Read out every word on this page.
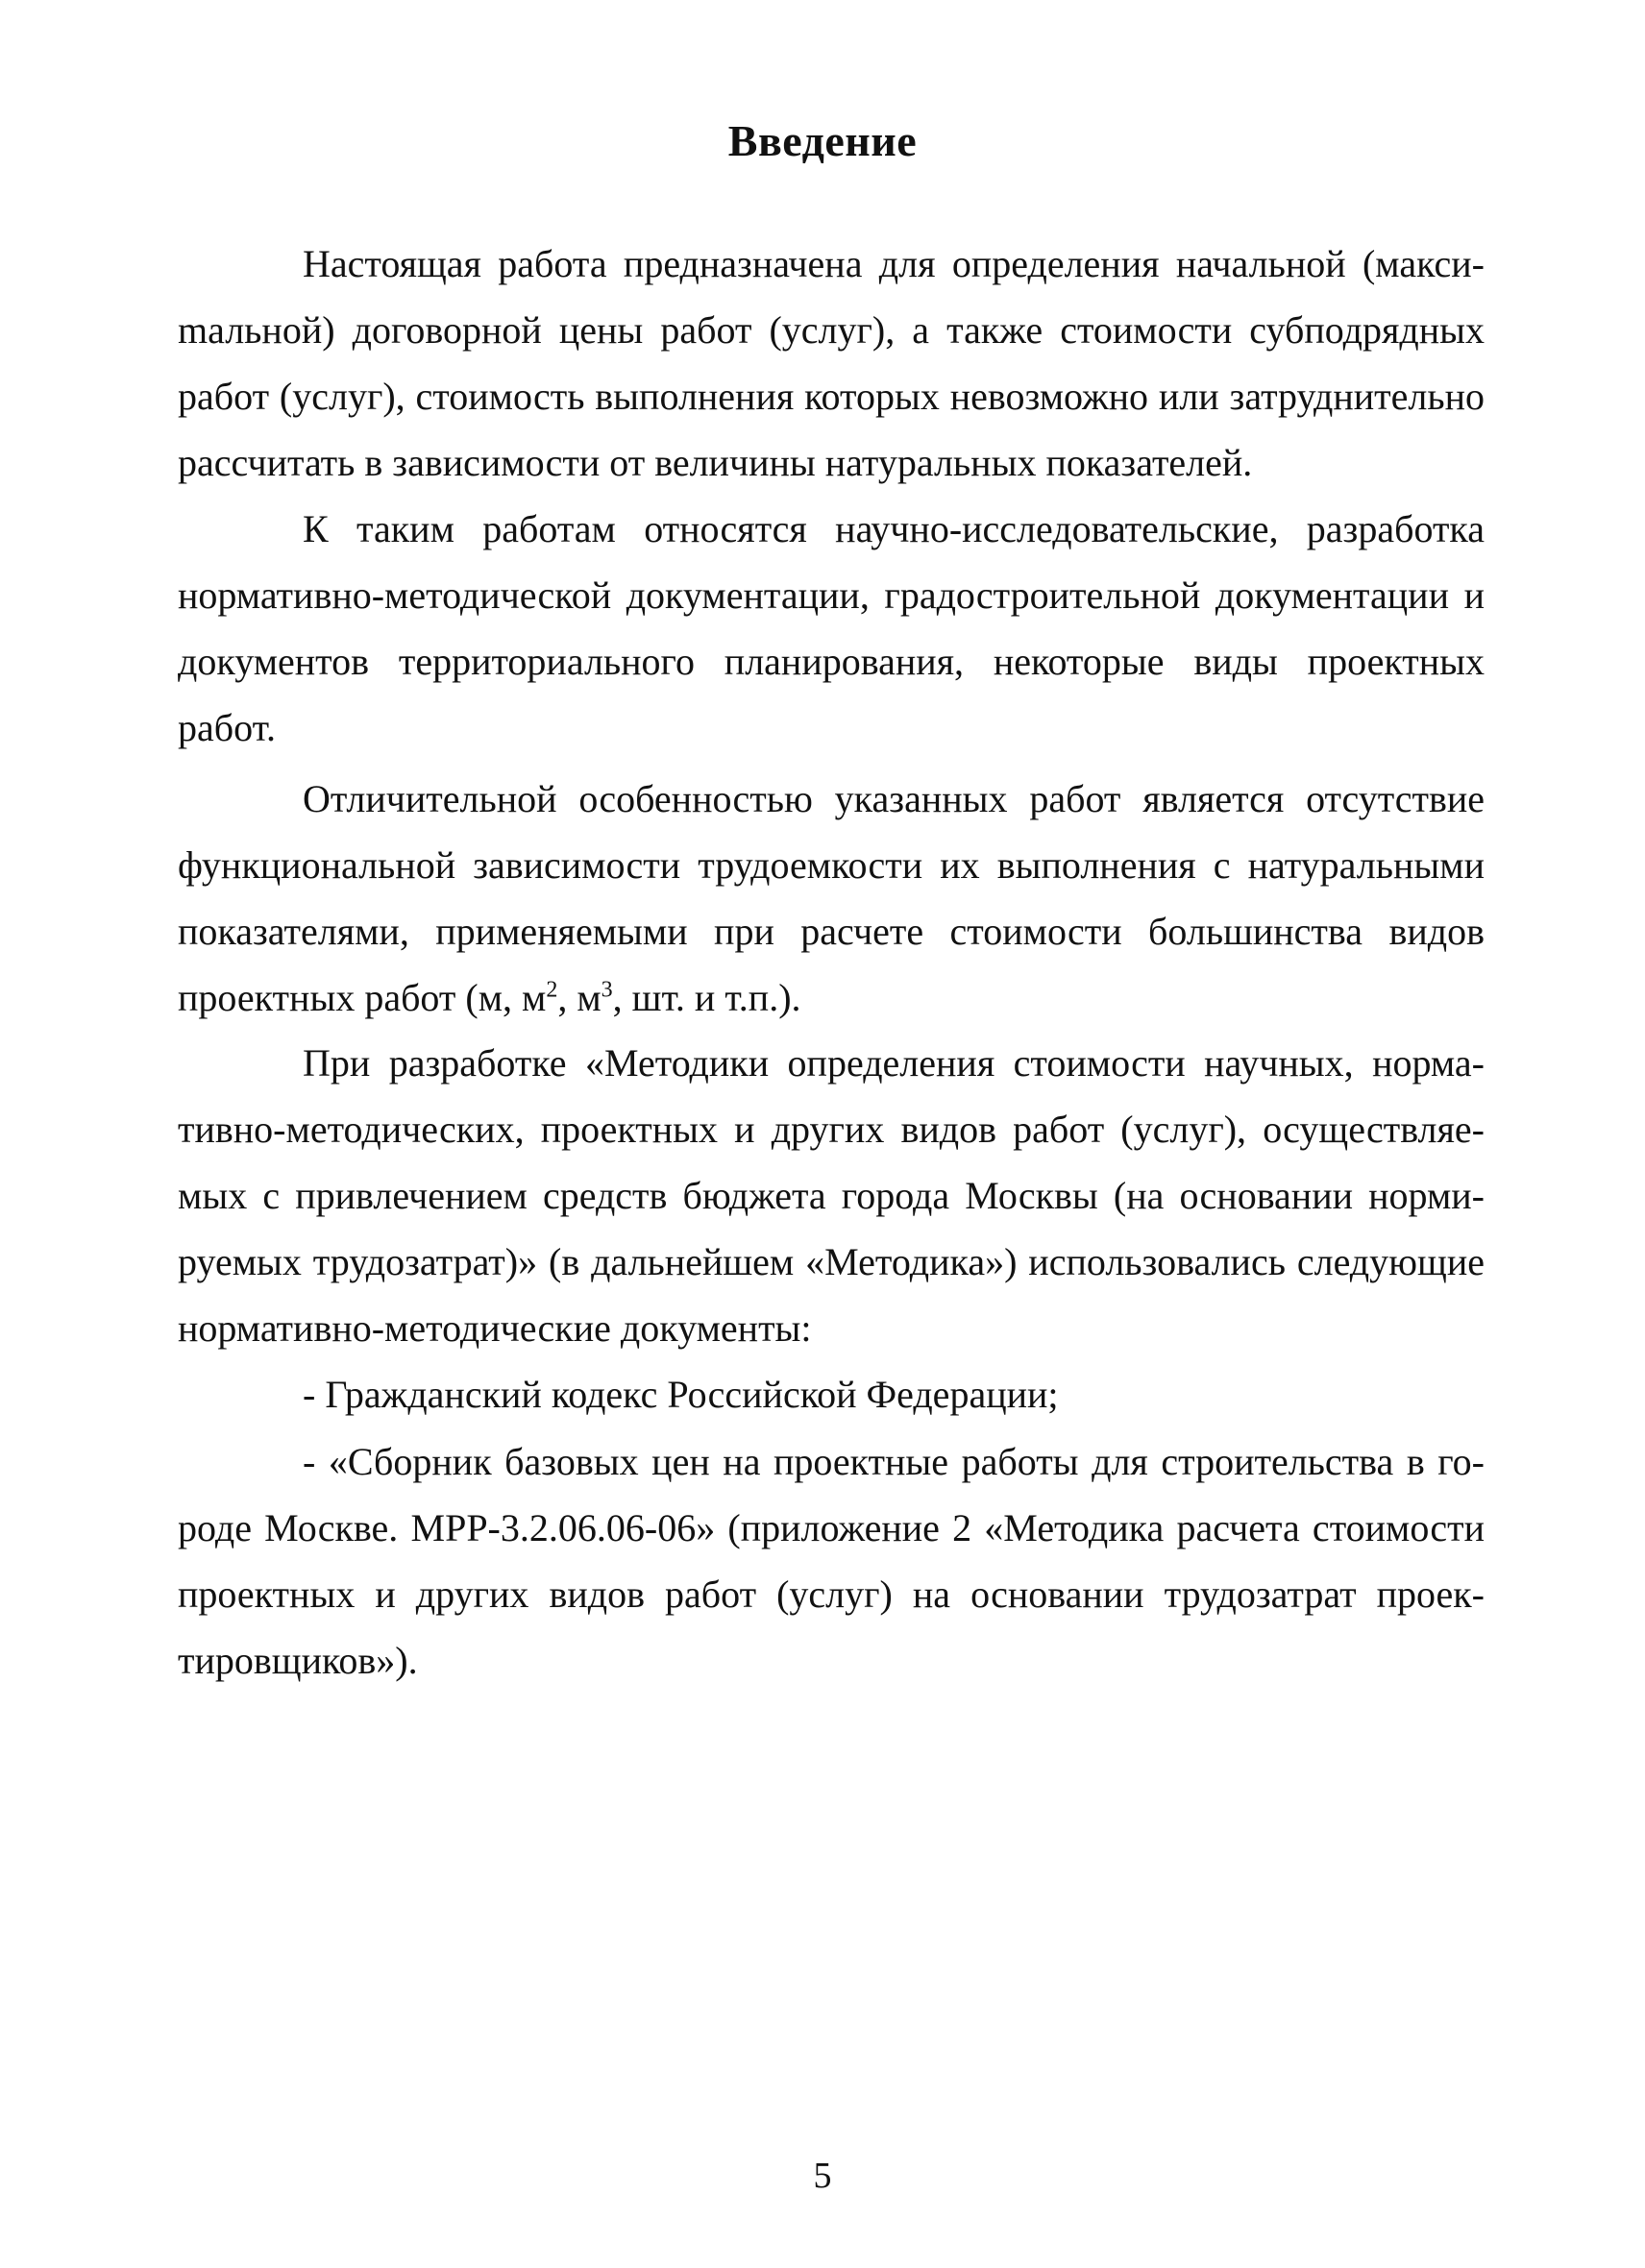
Введение

Настоящая работа предназначена для определения начальной (максиmальной) договорной цены работ (услуг), а также стоимости субподрядных работ (услуг), стоимость выполнения которых невозможно или затруднительно рассчитать в зависимости от величины натуральных показателей.

К таким работам относятся научно-исследовательские, разработка нормативно-методической документации, градостроительной документации и документов территориального планирования, некоторые виды проектных работ.

Отличительной особенностью указанных работ является отсутствие функциональной зависимости трудоемкости их выполнения с натуральными показателями, применяемыми при расчете стоимости большинства видов проектных работ (м, $м^2$, $м^3$, шт. и т.п.).

При разработке «Методики определения стоимости научных, нормативно-методических, проектных и других видов работ (услуг), осуществляемых с привлечением средств бюджета города Москвы (на основании нормируемых трудозатрат)» (в дальнейшем «Методика») использовались следующие нормативно-методические документы:

- Гражданский кодекс Российской Федерации;

- «Сборник базовых цен на проектные работы для строительства в городе Москве. МРР-3.2.06.06-06» (приложение 2 «Методика расчета стоимости проектных и других видов работ (услуг) на основании трудозатрат проектировщиков»).

5
